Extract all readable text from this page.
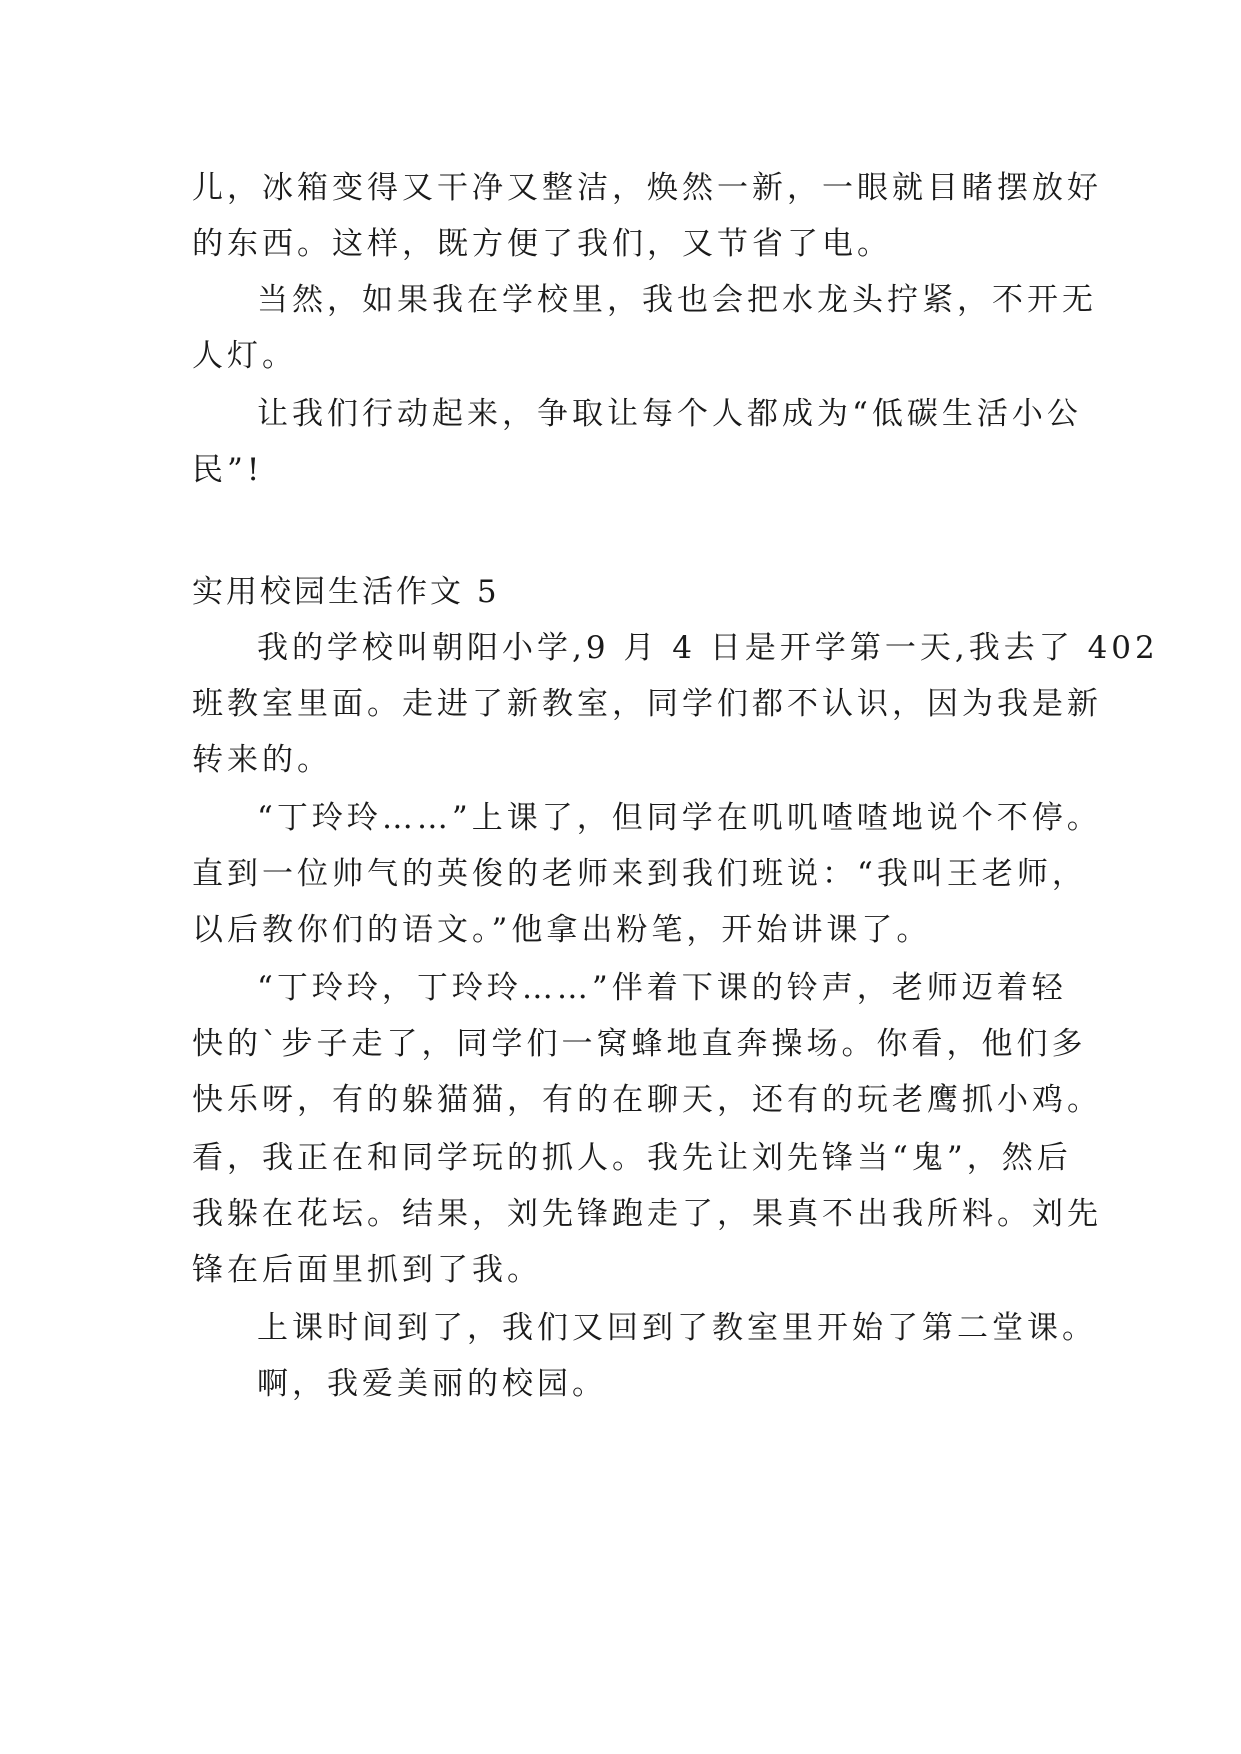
儿，冰箱变得又干净又整洁，焕然一新，一眼就目睹摆放好
的东西。这样，既方便了我们，又节省了电。
当然，如果我在学校里，我也会把水龙头拧紧，不开无
人灯。
让我们行动起来，争取让每个人都成为“低碳生活小公
民”!
实用校园生活作文 5
我的学校叫朝阳小学,9 月 4 日是开学第一天,我去了 402
班教室里面。走进了新教室，同学们都不认识，因为我是新
转来的。
“丁玲玲……”上课了，但同学在叽叽喳喳地说个不停。
直到一位帅气的英俊的老师来到我们班说：“我叫王老师，
以后教你们的语文。”他拿出粉笔，开始讲课了。
“丁玲玲，丁玲玲……”伴着下课的铃声，老师迈着轻
快的`步子走了，同学们一窝蜂地直奔操场。你看，他们多
快乐呀，有的躲猫猫，有的在聊天，还有的玩老鹰抓小鸡。
看，我正在和同学玩的抓人。我先让刘先锋当“鬼”，然后
我躲在花坛。结果，刘先锋跑走了，果真不出我所料。刘先
锋在后面里抓到了我。
上课时间到了，我们又回到了教室里开始了第二堂课。
啊，我爱美丽的校园。
